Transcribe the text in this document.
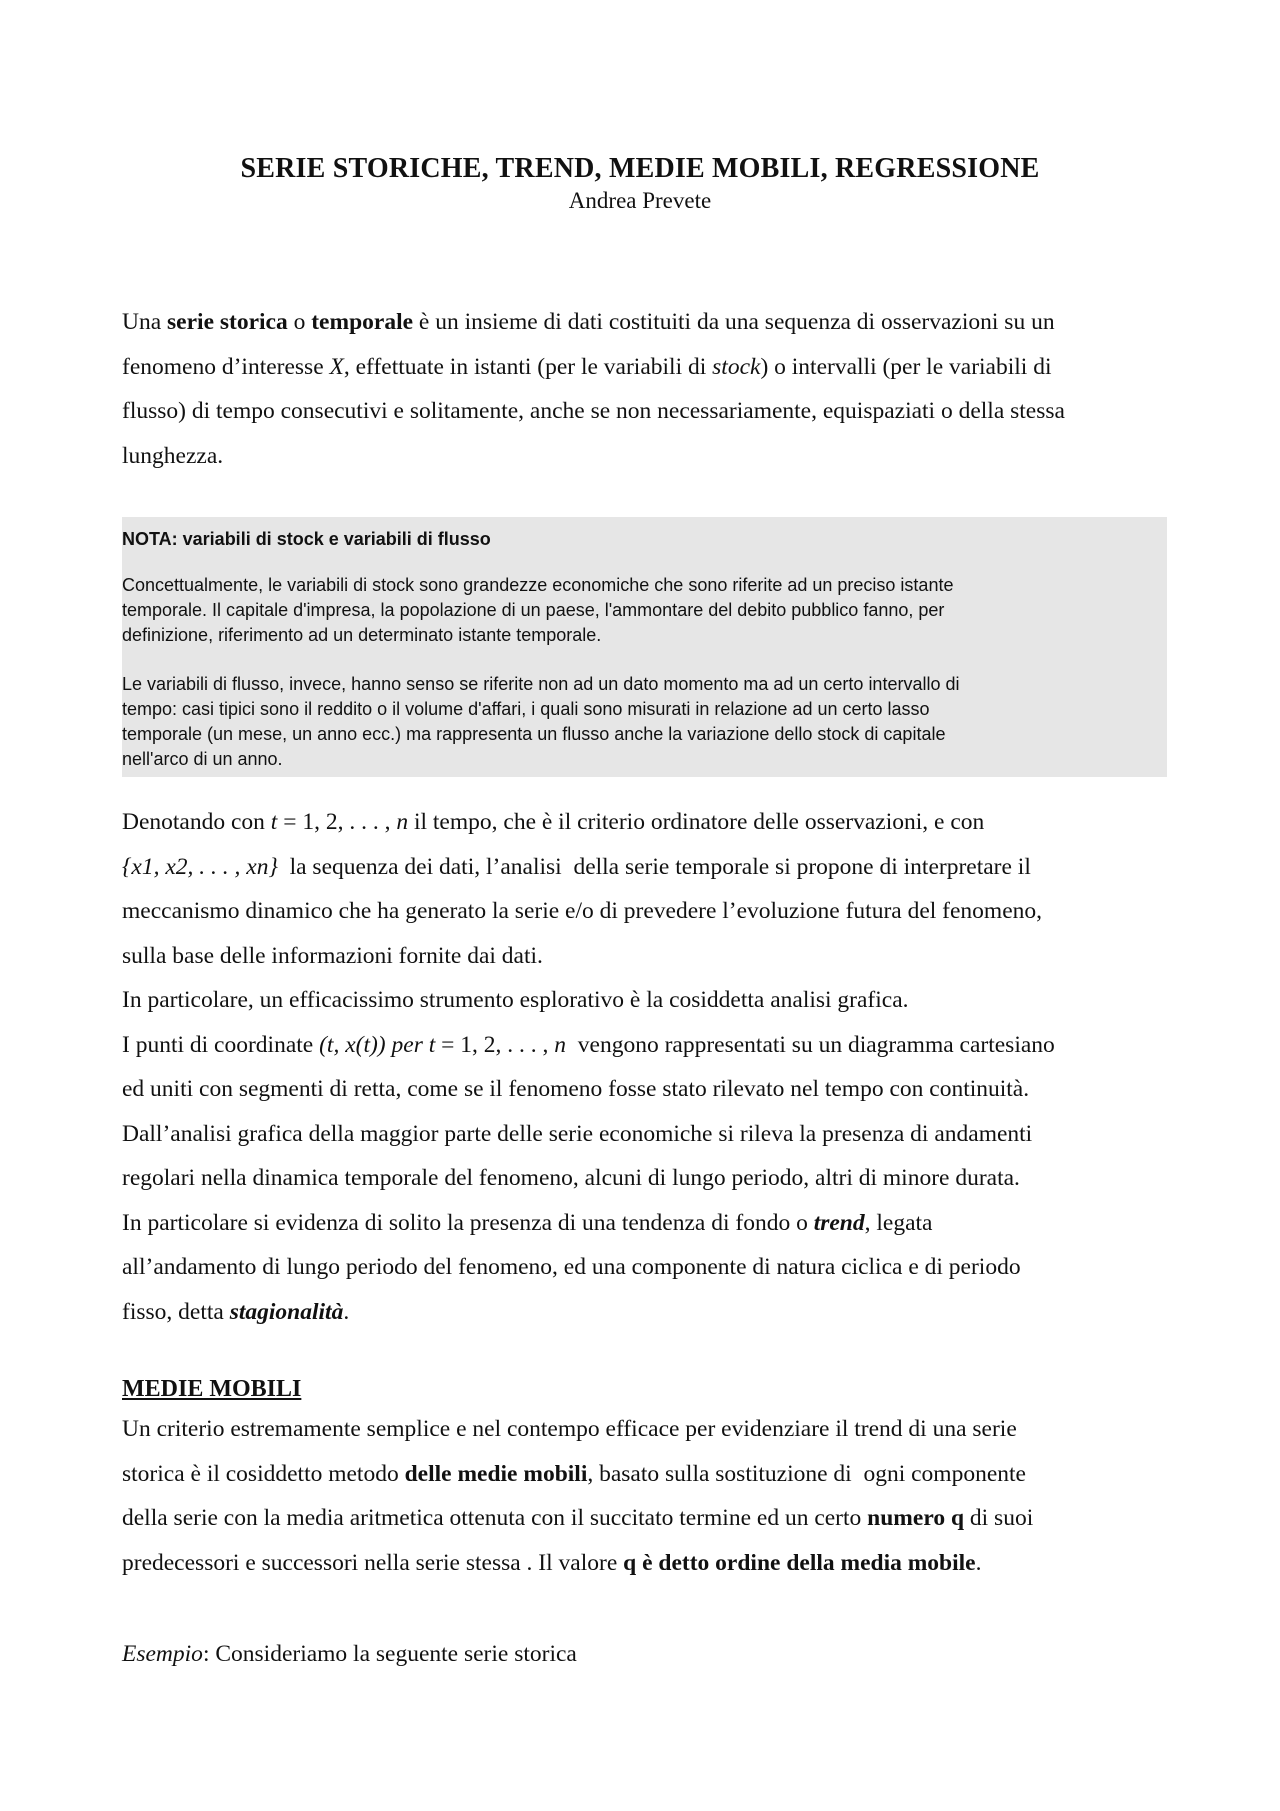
SERIE STORICHE, TREND, MEDIE MOBILI, REGRESSIONE
Andrea Prevete
Una serie storica o temporale è un insieme di dati costituiti da una sequenza di osservazioni su un
fenomeno d’interesse X, effettuate in istanti (per le variabili di stock) o intervalli (per le variabili di
flusso) di tempo consecutivi e solitamente, anche se non necessariamente, equispaziati o della stessa
lunghezza.
NOTA: variabili di stock e variabili di flusso
Concettualmente, le variabili di stock sono grandezze economiche che sono riferite ad un preciso istante
temporale. Il capitale d'impresa, la popolazione di un paese, l'ammontare del debito pubblico fanno, per
definizione, riferimento ad un determinato istante temporale.
Le variabili di flusso, invece, hanno senso se riferite non ad un dato momento ma ad un certo intervallo di
tempo: casi tipici sono il reddito o il volume d'affari, i quali sono misurati in relazione ad un certo lasso
temporale (un mese, un anno ecc.) ma rappresenta un flusso anche la variazione dello stock di capitale
nell'arco di un anno.
Denotando con t = 1, 2, . . . , n il tempo, che è il criterio ordinatore delle osservazioni, e con
{x1, x2, . . . , xn}  la sequenza dei dati, l’analisi  della serie temporale si propone di interpretare il
meccanismo dinamico che ha generato la serie e/o di prevedere l’evoluzione futura del fenomeno,
sulla base delle informazioni fornite dai dati.
In particolare, un efficacissimo strumento esplorativo è la cosiddetta analisi grafica.
I punti di coordinate (t, x(t)) per t = 1, 2, . . . , n  vengono rappresentati su un diagramma cartesiano
ed uniti con segmenti di retta, come se il fenomeno fosse stato rilevato nel tempo con continuità.
Dall’analisi grafica della maggior parte delle serie economiche si rileva la presenza di andamenti
regolari nella dinamica temporale del fenomeno, alcuni di lungo periodo, altri di minore durata.
In particolare si evidenza di solito la presenza di una tendenza di fondo o trend, legata
all’andamento di lungo periodo del fenomeno, ed una componente di natura ciclica e di periodo
fisso, detta stagionalità.
MEDIE MOBILI
Un criterio estremamente semplice e nel contempo efficace per evidenziare il trend di una serie
storica è il cosiddetto metodo delle medie mobili, basato sulla sostituzione di  ogni componente
della serie con la media aritmetica ottenuta con il succitato termine ed un certo numero q di suoi
predecessori e successori nella serie stessa . Il valore q è detto ordine della media mobile.
Esempio: Consideriamo la seguente serie storica
